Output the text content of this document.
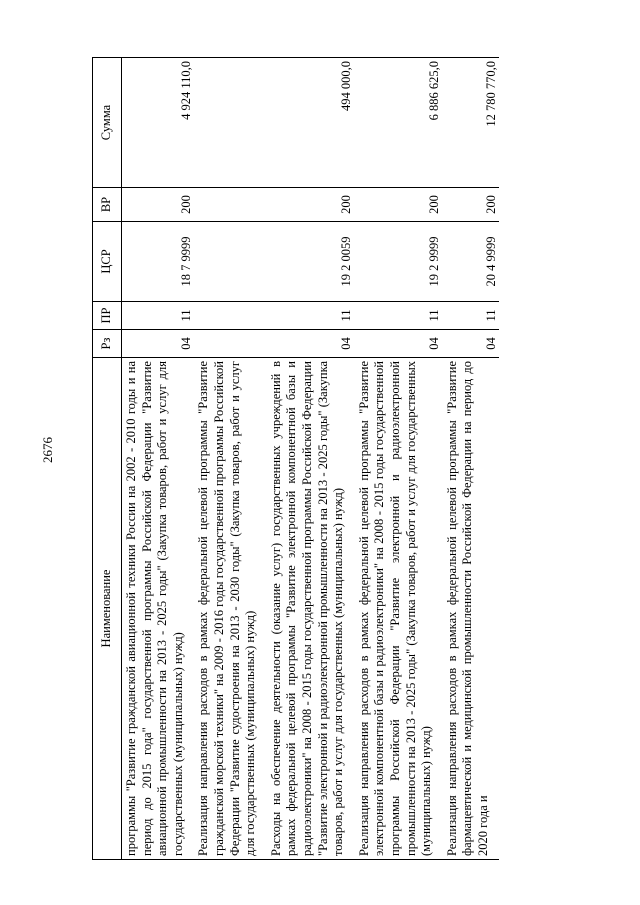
2676
Наименование	Рз	ПР	ЦСР	ВР	Сумма
программы "Развитие гражданской авиационной техники России на 2002 - 2010 годы и на период до 2015 года" государственной программы Российской Федерации "Развитие авиационной промышленности на 2013 - 2025 годы" (Закупка товаров, работ и услуг для государственных (муниципальных) нужд)	04	11	18 7 9999	200	4 924 110,0
Реализация направления расходов в рамках федеральной целевой программы "Развитие гражданской морской техники" на 2009 - 2016 годы государственной программы Российской Федерации "Развитие судостроения на 2013 - 2030 годы" (Закупка товаров, работ и услуг для государственных (муниципальных) нужд)					
Расходы на обеспечение деятельности (оказание услуг) государственных учреждений в рамках федеральной целевой программы "Развитие электронной компонентной базы и радиоэлектроники" на 2008 - 2015 годы государственной программы Российской Федерации "Развитие электронной и радиоэлектронной промышленности на 2013 - 2025 годы" (Закупка товаров, работ и услуг для государственных (муниципальных) нужд)	04	11	19 2 0059	200	494 000,0
Реализация направления расходов в рамках федеральной целевой программы "Развитие электронной компонентной базы и радиоэлектроники" на 2008 - 2015 годы государственной программы Российской Федерации "Развитие электронной и радиоэлектронной промышленности на 2013 - 2025 годы" (Закупка товаров, работ и услуг для государственных (муниципальных) нужд)	04	11	19 2 9999	200	6 886 625,0
Реализация направления расходов в рамках федеральной целевой программы "Развитие фармацевтической и медицинской промышленности Российской Федерации на период до 2020 года и	04	11	20 4 9999	200	12 780 770,0
